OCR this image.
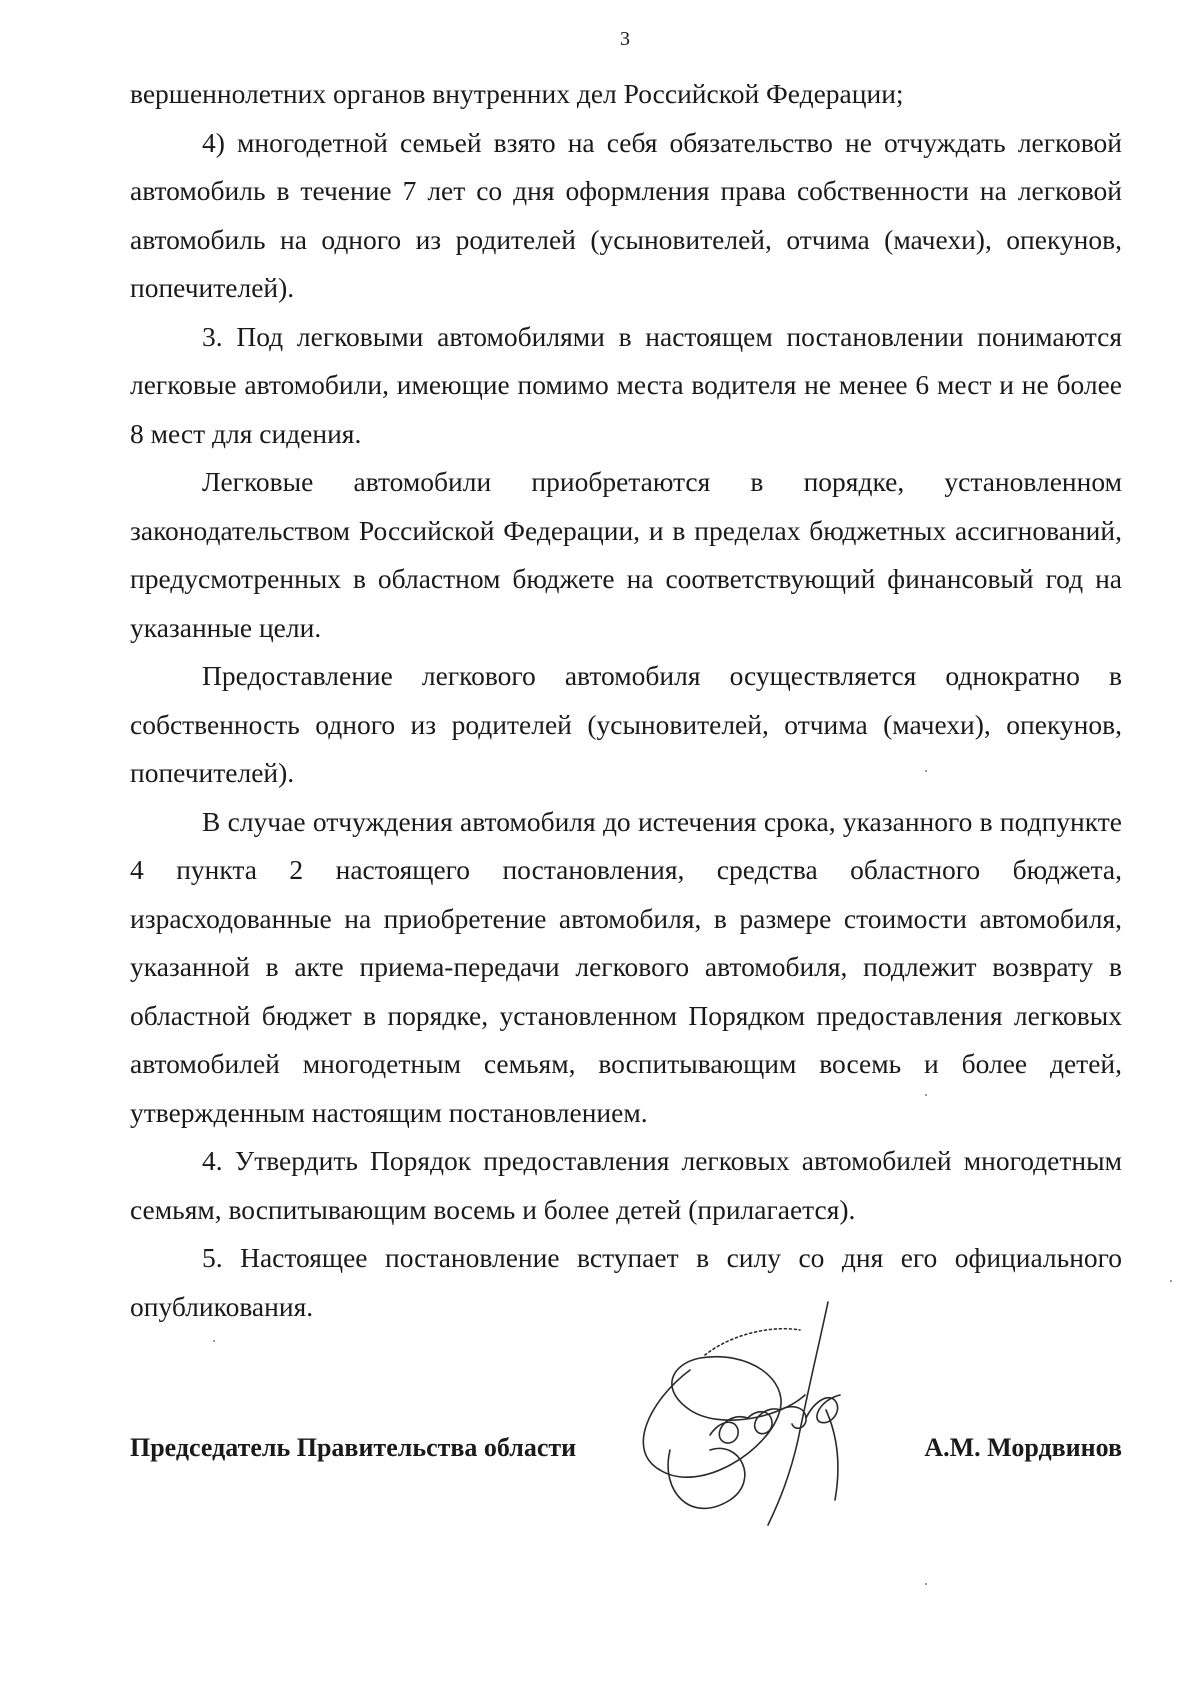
3

вершеннолетних органов внутренних дел Российской Федерации;

4) многодетной семьей взято на себя обязательство не отчуждать легковой автомобиль в течение 7 лет со дня оформления права собственности на легковой автомобиль на одного из родителей (усыновителей, отчима (мачехи), опекунов, попечителей).

3. Под легковыми автомобилями в настоящем постановлении понимаются легковые автомобили, имеющие помимо места водителя не менее 6 мест и не более 8 мест для сидения.

Легковые автомобили приобретаются в порядке, установленном законодательством Российской Федерации, и в пределах бюджетных ассигнований, предусмотренных в областном бюджете на соответствующий финансовый год на указанные цели.

Предоставление легкового автомобиля осуществляется однократно в собственность одного из родителей (усыновителей, отчима (мачехи), опекунов, попечителей).

В случае отчуждения автомобиля до истечения срока, указанного в подпункте 4 пункта 2 настоящего постановления, средства областного бюджета, израсходованные на приобретение автомобиля, в размере стоимости автомобиля, указанной в акте приема-передачи легкового автомобиля, подлежит возврату в областной бюджет в порядке, установленном Порядком предоставления легковых автомобилей многодетным семьям, воспитывающим восемь и более детей, утвержденным настоящим постановлением.

4. Утвердить Порядок предоставления легковых автомобилей многодетным семьям, воспитывающим восемь и более детей (прилагается).

5. Настоящее постановление вступает в силу со дня его официального опубликования.

Председатель Правительства области	А.М. Мордвинов
